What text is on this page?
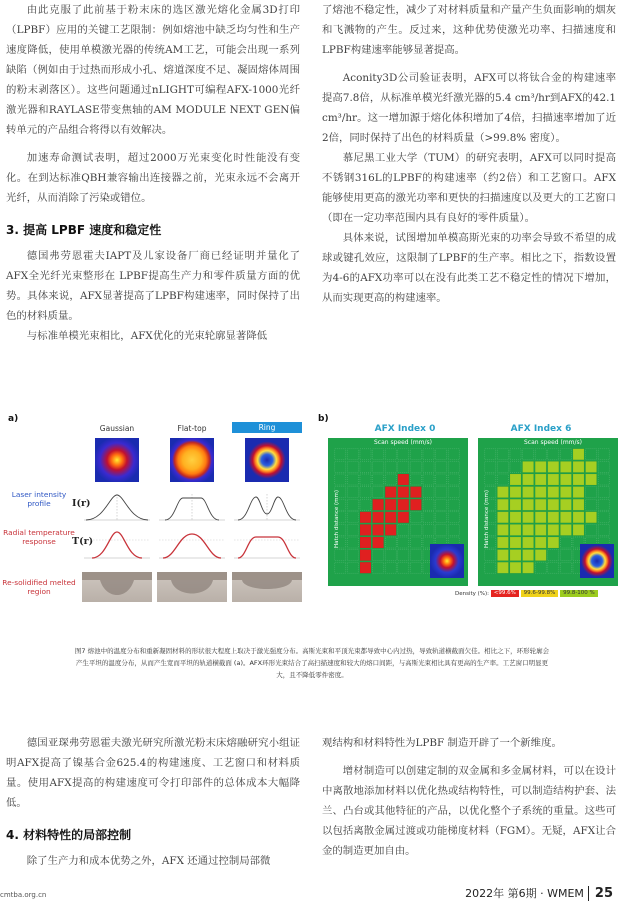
由此克服了此前基于粉末床的选区激光熔化金属3D打印（LPBF）应用的关键工艺限制：例如熔池中缺乏均匀性和生产速度降低，使用单模激光器的传统AM工艺，可能会出现一系列缺陷（例如由于过热而形成小孔、熔道深度不足、凝固熔体周围的粉末剥落区）。这些问题通过nLIGHT可编程AFX-1000光纤激光器和RAYLASE带变焦轴的AM MODULE NEXT GEN偏转单元的产品组合将得以有效解决。

加速寿命测试表明，超过2000万光束变化时性能没有变化。在到达标准QBH兼容输出连接器之前，光束永远不会离开光纤，从而消除了污染或错位。

3. 提高 LPBF 速度和稳定性

德国弗劳恩霍夫IAPT及儿家设备厂商已经证明并量化了AFX全光纤光束整形在 LPBF提高生产力和零件质量方面的优势。具体来说，AFX显著提高了LPBF构建速率，同时保持了出色的材料质量。

与标准单模光束相比，AFX优化的光束轮廓显著降低

了熔池不稳定性，减少了对材料质量和产量产生负面影响的烟灰和飞溅物的产生。反过来，这种优势使激光功率、扫描速度和LPBF构建速率能够显著提高。

Aconity3D公司验证表明，AFX可以将钛合金的构建速率提高7.8倍，从标准单模光纤激光器的5.4 cm³/hr到AFX的42.1 cm³/hr。这一增加源于熔化体积增加了4倍，扫描速率增加了近2倍，同时保持了出色的材料质量（>99.8% 密度）。

慕尼黑工业大学（TUM）的研究表明，AFX可以同时提高不锈钢316L的LPBF的构建速率（约2倍）和工艺窗口。AFX 能够使用更高的激光功率和更快的扫描速度以及更大的工艺窗口（即在一定功率范围内具有良好的零件质量）。

具体来说，试图增加单模高斯光束的功率会导致不希望的成球或键孔效应，这限制了LPBF的生产率。相比之下，指数设置为4-6的AFX功率可以在没有此类工艺不稳定性的情况下增加，从而实现更高的构建速率。

a)
Gaussian	Flat-top	Ring
Laser intensity profile	I(r)
Radial temperature response	T(r)
Re-solidified melted region
b)
AFX Index 0	AFX Index 6
Scan speed (mm/s)	Scan speed (mm/s)
Hatch distance (mm)	Hatch distance (mm)
Density (%): <99.6% 99.6-99.8% 99.8-100 %
图7 熔池中的温度分布和重新凝固材料的形状很大程度上取决于激光强度分布。高斯光束和平顶光束都导致中心内过热，导致轨道横截面欠佳。相比之下，环形轮廓会产生平坦的温度分布，从而产生宽而平坦的轨道横截面 (a)。AFX环形光束结合了高扫描速度和较大的熔口间距，与高斯光束相比具有更高的生产率。工艺窗口明显更大，且不降低零件密度。

德国亚琛弗劳恩霍夫激光研究所激光粉末床熔融研究小组证明AFX提高了镍基合金625.4的构建速度、工艺窗口和材料质量。使用AFX提高的构建速度可令打印部件的总体成本大幅降低。

4. 材料特性的局部控制

除了生产力和成本优势之外，AFX 还通过控制局部微

观结构和材料特性为LPBF 制造开辟了一个新维度。

增材制造可以创建定制的双金属和多金属材料，可以在设计中离散地添加材料以优化热或结构特性，可以制造结构护套、法兰、凸台或其他特征的产品，以优化整个子系统的重量。这些可以包括离散金属过渡或功能梯度材料（FGM）。无疑，AFX让合金的制造更加自由。

cmtba.org.cn	2022年 第6期 · WMEM 25
